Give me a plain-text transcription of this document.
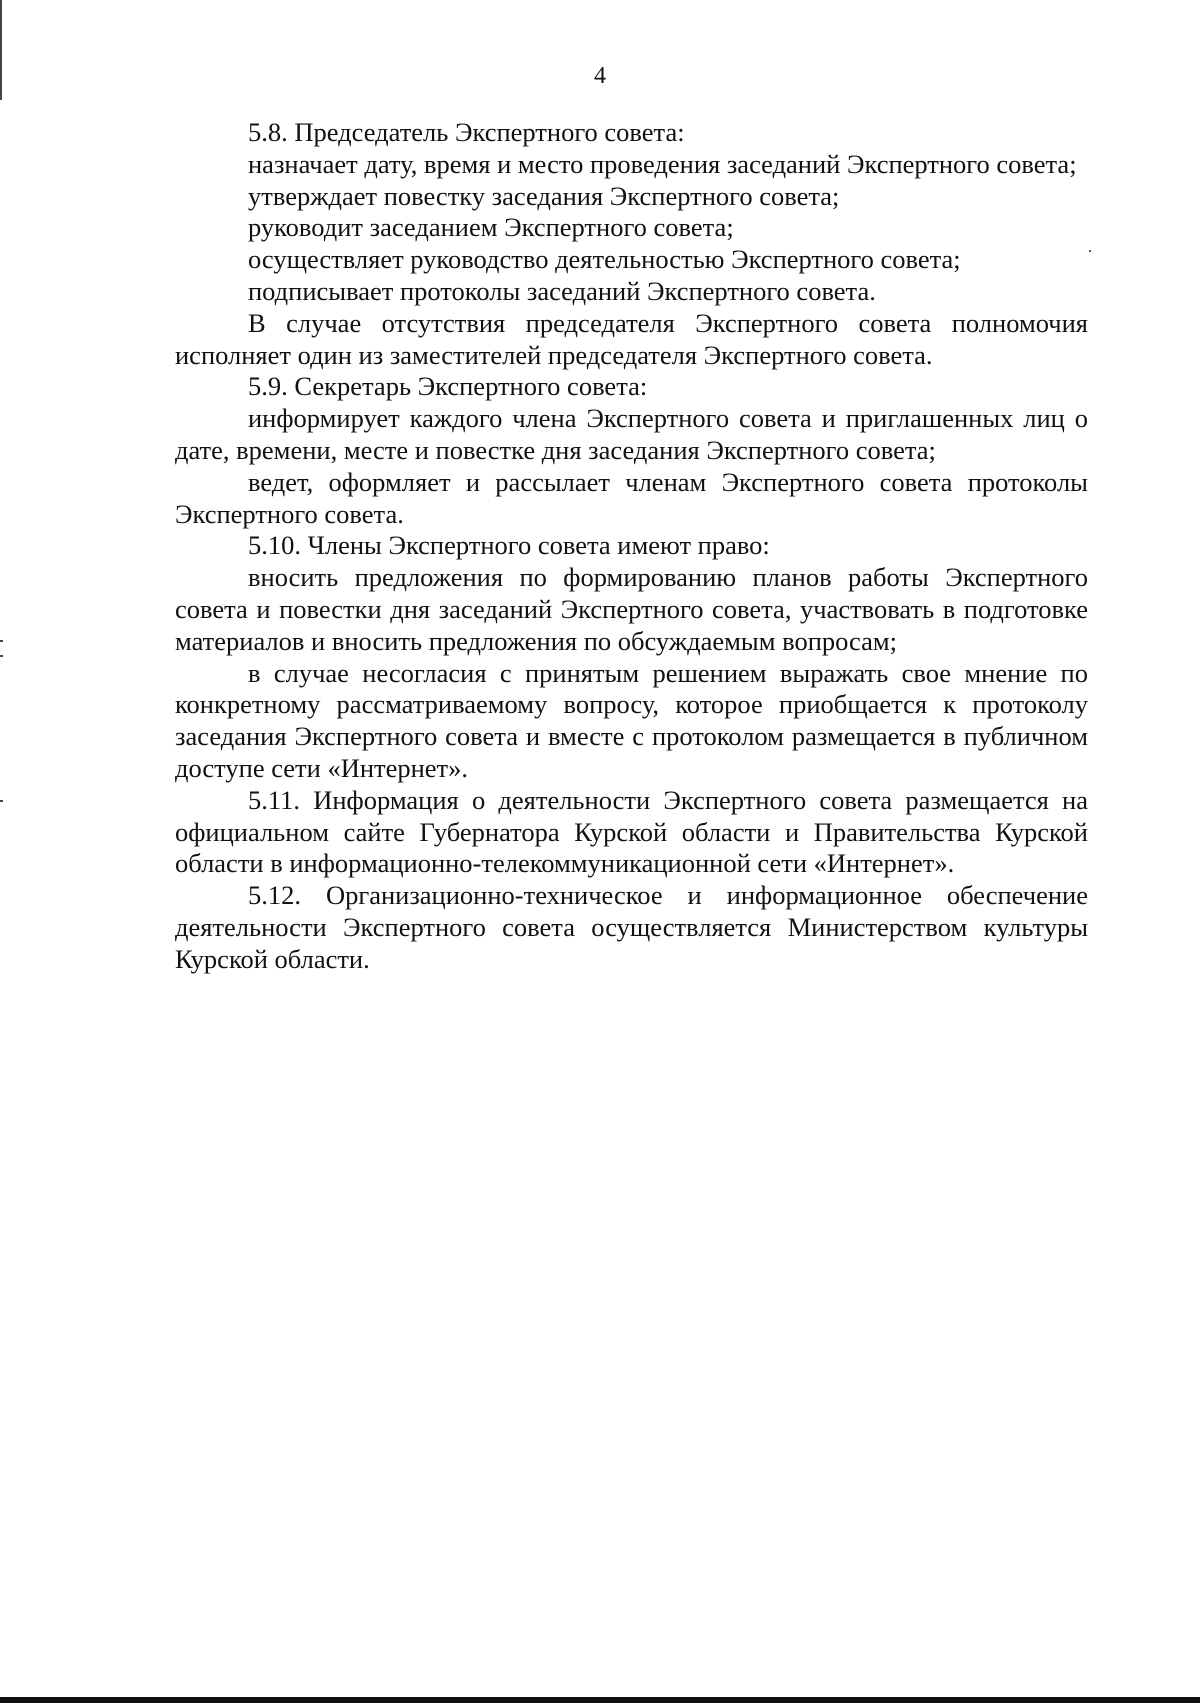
4

5.8. Председатель Экспертного совета:

назначает дату, время и место проведения заседаний Экспертного совета;

утверждает повестку заседания Экспертного совета;

руководит заседанием Экспертного совета;

осуществляет руководство деятельностью Экспертного совета;

подписывает протоколы заседаний Экспертного совета.

В случае отсутствия председателя Экспертного совета полномочия исполняет один из заместителей председателя Экспертного совета.

5.9. Секретарь Экспертного совета:

информирует каждого члена Экспертного совета и приглашенных лиц о дате, времени, месте и повестке дня заседания Экспертного совета;

ведет, оформляет и рассылает членам Экспертного совета протоколы Экспертного совета.

5.10. Члены Экспертного совета имеют право:

вносить предложения по формированию планов работы Экспертного совета и повестки дня заседаний Экспертного совета, участвовать в подготовке материалов и вносить предложения по обсуждаемым вопросам;

в случае несогласия с принятым решением выражать свое мнение по конкретному рассматриваемому вопросу, которое приобщается к протоколу заседания Экспертного совета и вместе с протоколом размещается в публичном доступе сети «Интернет».

5.11. Информация о деятельности Экспертного совета размещается на официальном сайте Губернатора Курской области и Правительства Курской области в информационно-телекоммуникационной сети «Интернет».

5.12. Организационно-техническое и информационное обеспечение деятельности Экспертного совета осуществляется Министерством культуры Курской области.
